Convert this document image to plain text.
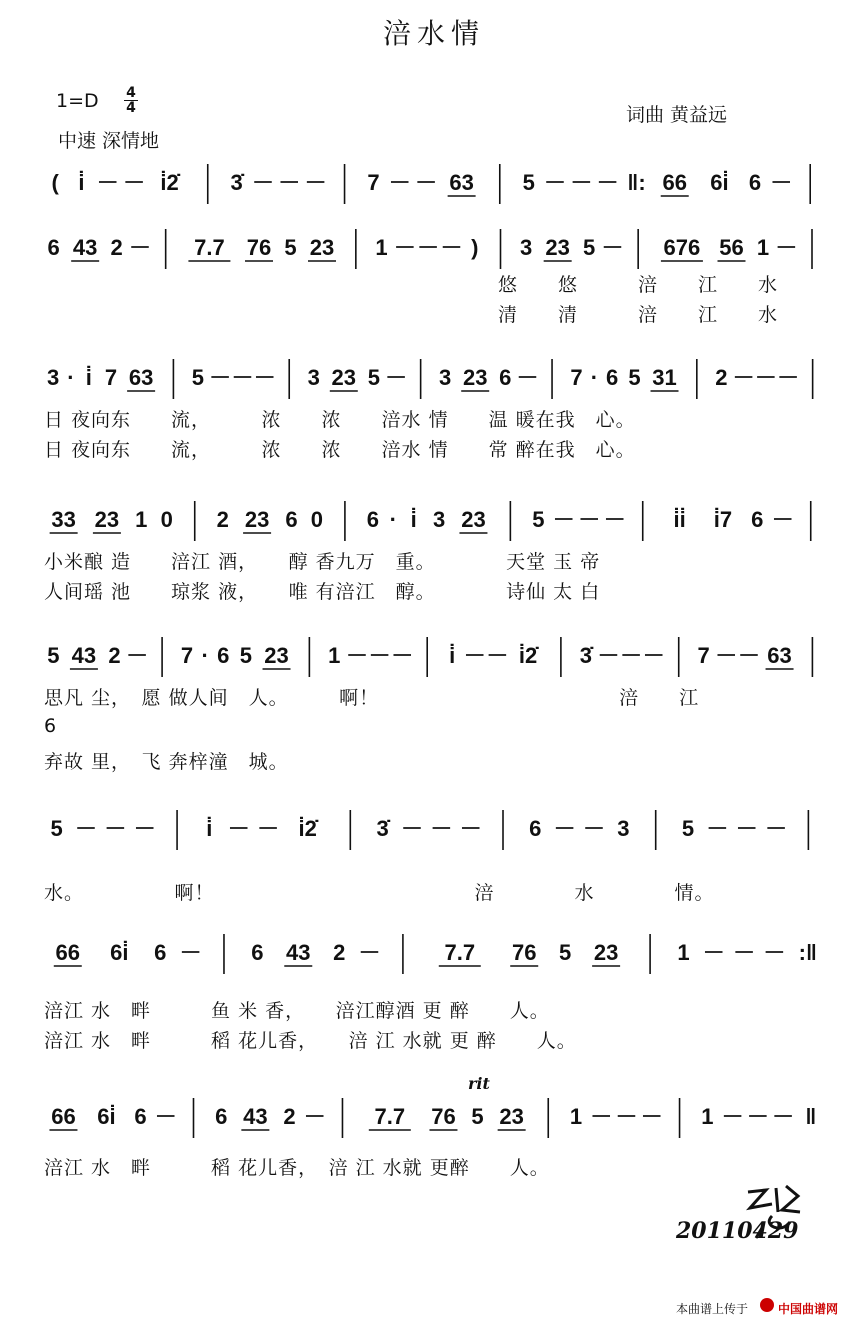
涪水情
1=D 4
4
中速 深情地
词曲 黄益远
( i̇ － － i̇2̇ 3̇ － － － 7 － － 63 5 － － － ‖: 66 6i̇ 6 －
6 43 2 － 7.7 76 5 23 1 － － － ) 3 23 5 － 676 56 1 －
3 · i̇ 7 63 5 － － － 3 23 5 － 3 23 6 － 7 · 6 5 31 2 － － －
33 23 1 0 2 23 6 0 6 · i̇ 3 23 5 － － － i̇i̇ i̇7 6 －
5 43 2 － 7 · 6 5 23 1 － － － i̇ － － i̇2̇ 3̇ － － － 7 － － 63
5 － － － i̇ － － i̇2̇	3̇ － － － 6 － － 3 5 － － －
66 6i̇ 6 － 6 43 2 －	7.7 76 5 23	1 － － － :‖
66 6i̇ 6 － 6 43 2 － 7.7 76 5 23 1 － － － 1 － － － ‖
悠　　悠　　　涪　　江　　水
清　　清　　　涪　　江　　水
日 夜向东　　流，　　　浓　　浓　　涪水 情　　温 暖在我　心。
日 夜向东　　流，　　　浓　　浓　　涪水 情　　常 醉在我　心。
小米酿 造　　涪江 酒，　　醇 香九万　重。　　　　天堂 玉 帝
人间瑶 池　　琼浆 液，　　唯 有涪江　醇。　　　　诗仙 太 白
思凡 尘，　愿 做人间　人。　　　啊！　　　　　　　　　　　　涪　　江
6
弃故 里，　飞 奔梓潼　城。
水。　　　　　啊！　　　　　　　　　　　　　涪　　　　水　　　　情。
涪江 水　畔　　　鱼 米 香，　　涪江醇酒 更 醉　　人。
涪江 水　畔　　　稻 花儿香，　　涪 江 水就 更 醉　　人。
涪江 水　畔　　　稻 花儿香，　涪 江 水就 更醉　　人。
rit
20110429
本曲谱上传于 中国曲谱网
